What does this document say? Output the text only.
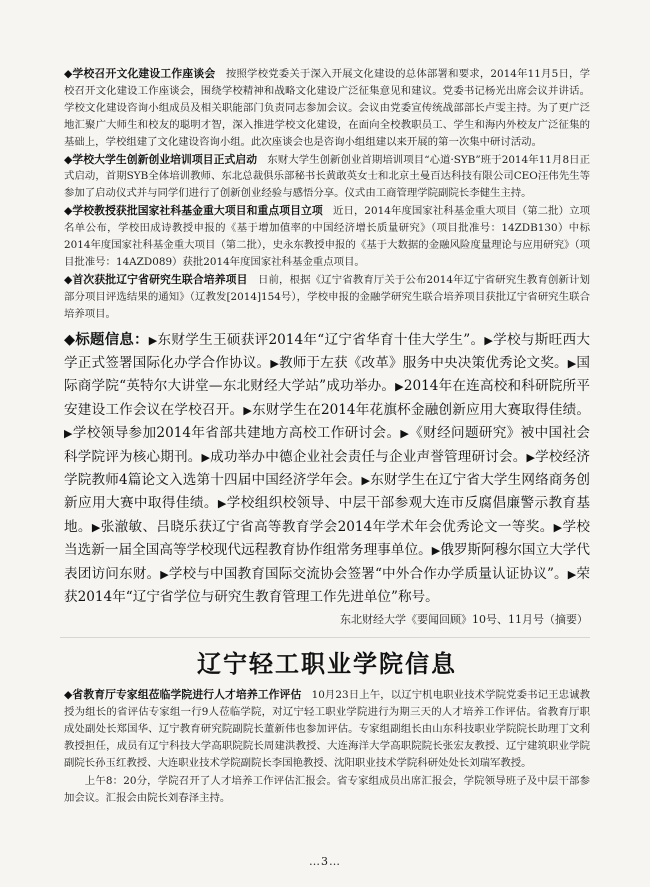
◆学校召开文化建设工作座谈会 按照学校党委关于深入开展文化建设的总体部署和要求，2014年11月5日，学校召开文化建设工作座谈会，围绕学校精神和战略文化建设广泛征集意见和建议。党委书记杨光出席会议并讲话。学校文化建设咨询小组成员及相关职能部门负责同志参加会议。会议由党委宣传统战部部长卢雯主持。为了更广泛地汇聚广大师生和校友的聪明才智，深入推进学校文化建设，在面向全校教职员工、学生和海内外校友广泛征集的基础上，学校组建了文化建设咨询小组。此次座谈会也是咨询小组组建以来开展的第一次集中研讨活动。

◆学校大学生创新创业培训项目正式启动 东财大学生创新创业首期培训项目“心道·SYB”班于2014年11月8日正式启动，首期SYB全体培训教师、东北总裁俱乐部秘书长黄敢英女士和北京土曼百达科技有限公司CEO汪伟先生等参加了启动仪式并与同学们进行了创新创业经验与感悟分享。仪式由工商管理学院副院长李健生主持。

◆学校教授获批国家社科基金重大项目和重点项目立项 近日，2014年度国家社科基金重大项目（第二批）立项名单公布，学校田成诗教授申报的《基于增加值率的中国经济增长质量研究》（项目批准号：14ZDB130）中标2014年度国家社科基金重大项目（第二批），史永东教授申报的《基于大数据的金融风险度量理论与应用研究》（项目批准号：14AZD089）获批2014年度国家社科基金重点项目。

◆首次获批辽宁省研究生联合培养项目 日前，根据《辽宁省教育厅关于公布2014年辽宁省研究生教育创新计划部分项目评选结果的通知》（辽教发[2014]154号），学校申报的金融学研究生联合培养项目获批辽宁省研究生联合培养项目。

◆标题信息：▶东财学生王硕获评2014年“辽宁省华育十佳大学生”。▶学校与斯旺西大学正式签署国际化办学合作协议。▶教师于左获《改革》服务中央决策优秀论文奖。▶国际商学院“英特尔大讲堂—东北财经大学站”成功举办。▶2014年在连高校和科研院所平安建设工作会议在学校召开。▶东财学生在2014年花旗杯金融创新应用大赛取得佳绩。▶学校领导参加2014年省部共建地方高校工作研讨会。▶《财经问题研究》被中国社会科学院评为核心期刊。▶成功举办中德企业社会责任与企业声誉管理研讨会。▶学校经济学院教师4篇论文入选第十四届中国经济学年会。▶东财学生在辽宁省大学生网络商务创新应用大赛中取得佳绩。▶学校组织校领导、中层干部参观大连市反腐倡廉警示教育基地。▶张澈敏、吕晓乐获辽宁省高等教育学会2014年学术年会优秀论文一等奖。▶学校当选新一届全国高等学校现代远程教育协作组常务理事单位。▶俄罗斯阿穆尔国立大学代表团访问东财。▶学校与中国教育国际交流协会签署“中外合作办学质量认证协议”。▶荣获2014年“辽宁省学位与研究生教育管理工作先进单位”称号。
东北财经大学《要闻回顾》10号、11月号（摘要）
辽宁轻工职业学院信息

◆省教育厅专家组莅临学院进行人才培养工作评估 10月23日上午，以辽宁机电职业技术学院党委书记王忠诚教授为组长的省评估专家组一行9人莅临学院，对辽宁轻工职业学院进行为期三天的人才培养工作评估。省教育厅职成处副处长郑国华、辽宁教育研究院副院长董新伟也参加评估。专家组副组长由山东科技职业学院院长助理丁文利教授担任，成员有辽宁科技大学高职院院长周建洪教授、大连海洋大学高职院院长张宏友教授、辽宁建筑职业学院副院长孙玉红教授、大连职业技术学院副院长李国艳教授、沈阳职业技术学院科研处处长刘瑞军教授。

上午8：20分，学院召开了人才培养工作评估汇报会。省专家组成员出席汇报会，学院领导班子及中层干部参加会议。汇报会由院长刘春泽主持。

…3…
